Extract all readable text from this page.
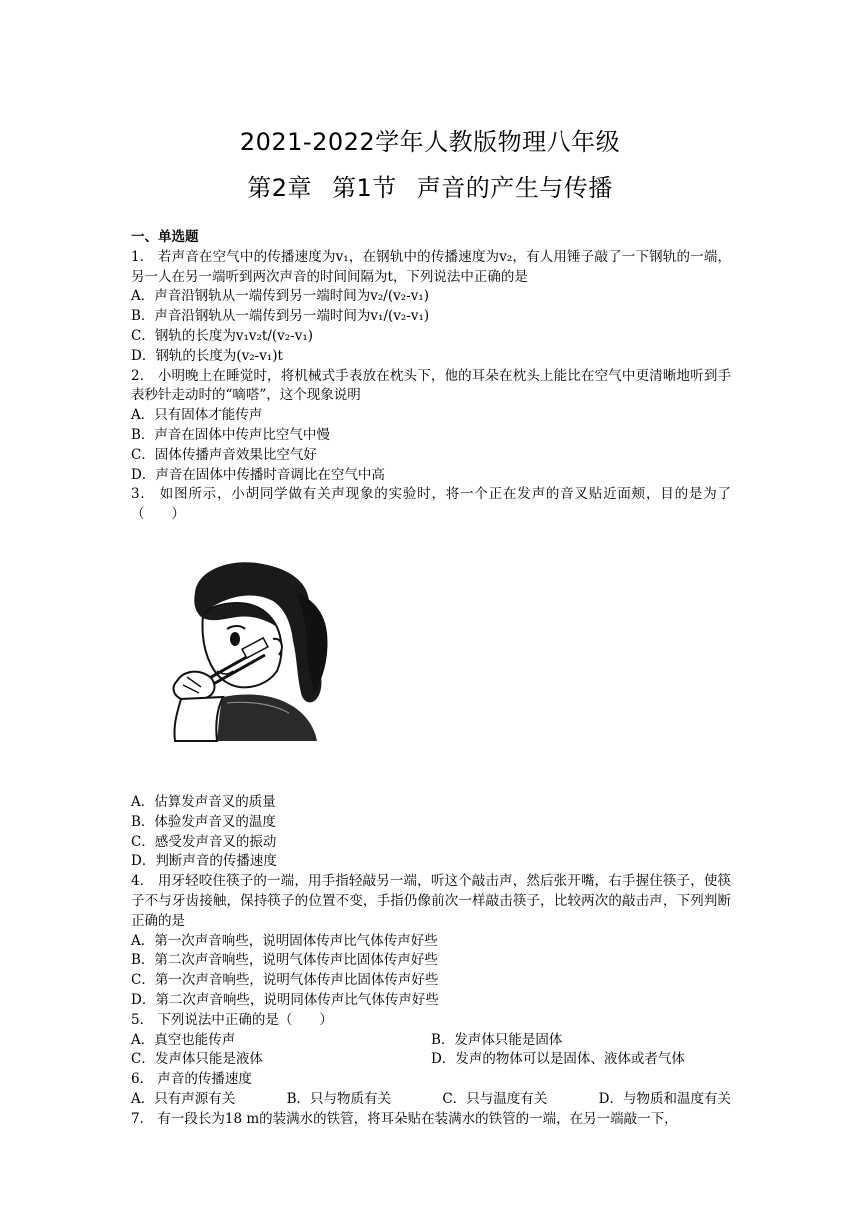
2021-2022学年人教版物理八年级
第2章 第1节 声音的产生与传播
一、单选题

1． 若声音在空气中的传播速度为v₁，在钢轨中的传播速度为v₂，有人用锤子敲了一下钢轨的一端，另一人在另一端听到两次声音的时间间隔为t，下列说法中正确的是

A．声音沿钢轨从一端传到另一端时间为v₂/(v₂-v₁)

B．声音沿钢轨从一端传到另一端时间为v₁/(v₂-v₁)

C．钢轨的长度为v₁v₂t/(v₂-v₁)

D．钢轨的长度为(v₂-v₁)t

2． 小明晚上在睡觉时，将机械式手表放在枕头下，他的耳朵在枕头上能比在空气中更清晰地听到手表秒针走动时的“嘀嗒”，这个现象说明

A．只有固体才能传声

B．声音在固体中传声比空气中慢

C．固体传播声音效果比空气好

D．声音在固体中传播时音调比在空气中高

3． 如图所示，小胡同学做有关声现象的实验时，将一个正在发声的音叉贴近面颊，目的是为了（　　）

A．估算发声音叉的质量

B．体验发声音叉的温度

C．感受发声音叉的振动

D．判断声音的传播速度

4． 用牙轻咬住筷子的一端，用手指轻敲另一端，听这个敲击声，然后张开嘴，右手握住筷子，使筷子不与牙齿接触，保持筷子的位置不变，手指仍像前次一样敲击筷子，比较两次的敲击声，下列判断正确的是

A．第一次声音响些，说明固体传声比气体传声好些

B．第二次声音响些，说明气体传声比固体传声好些

C．第一次声音响些，说明气体传声比固体传声好些

D．第二次声音响些，说明同体传声比气体传声好些

5． 下列说法中正确的是（　　）

A．真空也能传声	B．发声体只能是固体
C．发声体只能是液体	D．发声的物体可以是固体、液体或者气体

6． 声音的传播速度

A．只有声源有关	B．只与物质有关	C．只与温度有关	D．与物质和温度有关

7． 有一段长为18 m的装满水的铁管，将耳朵贴在装满水的铁管的一端，在另一端敲一下，
